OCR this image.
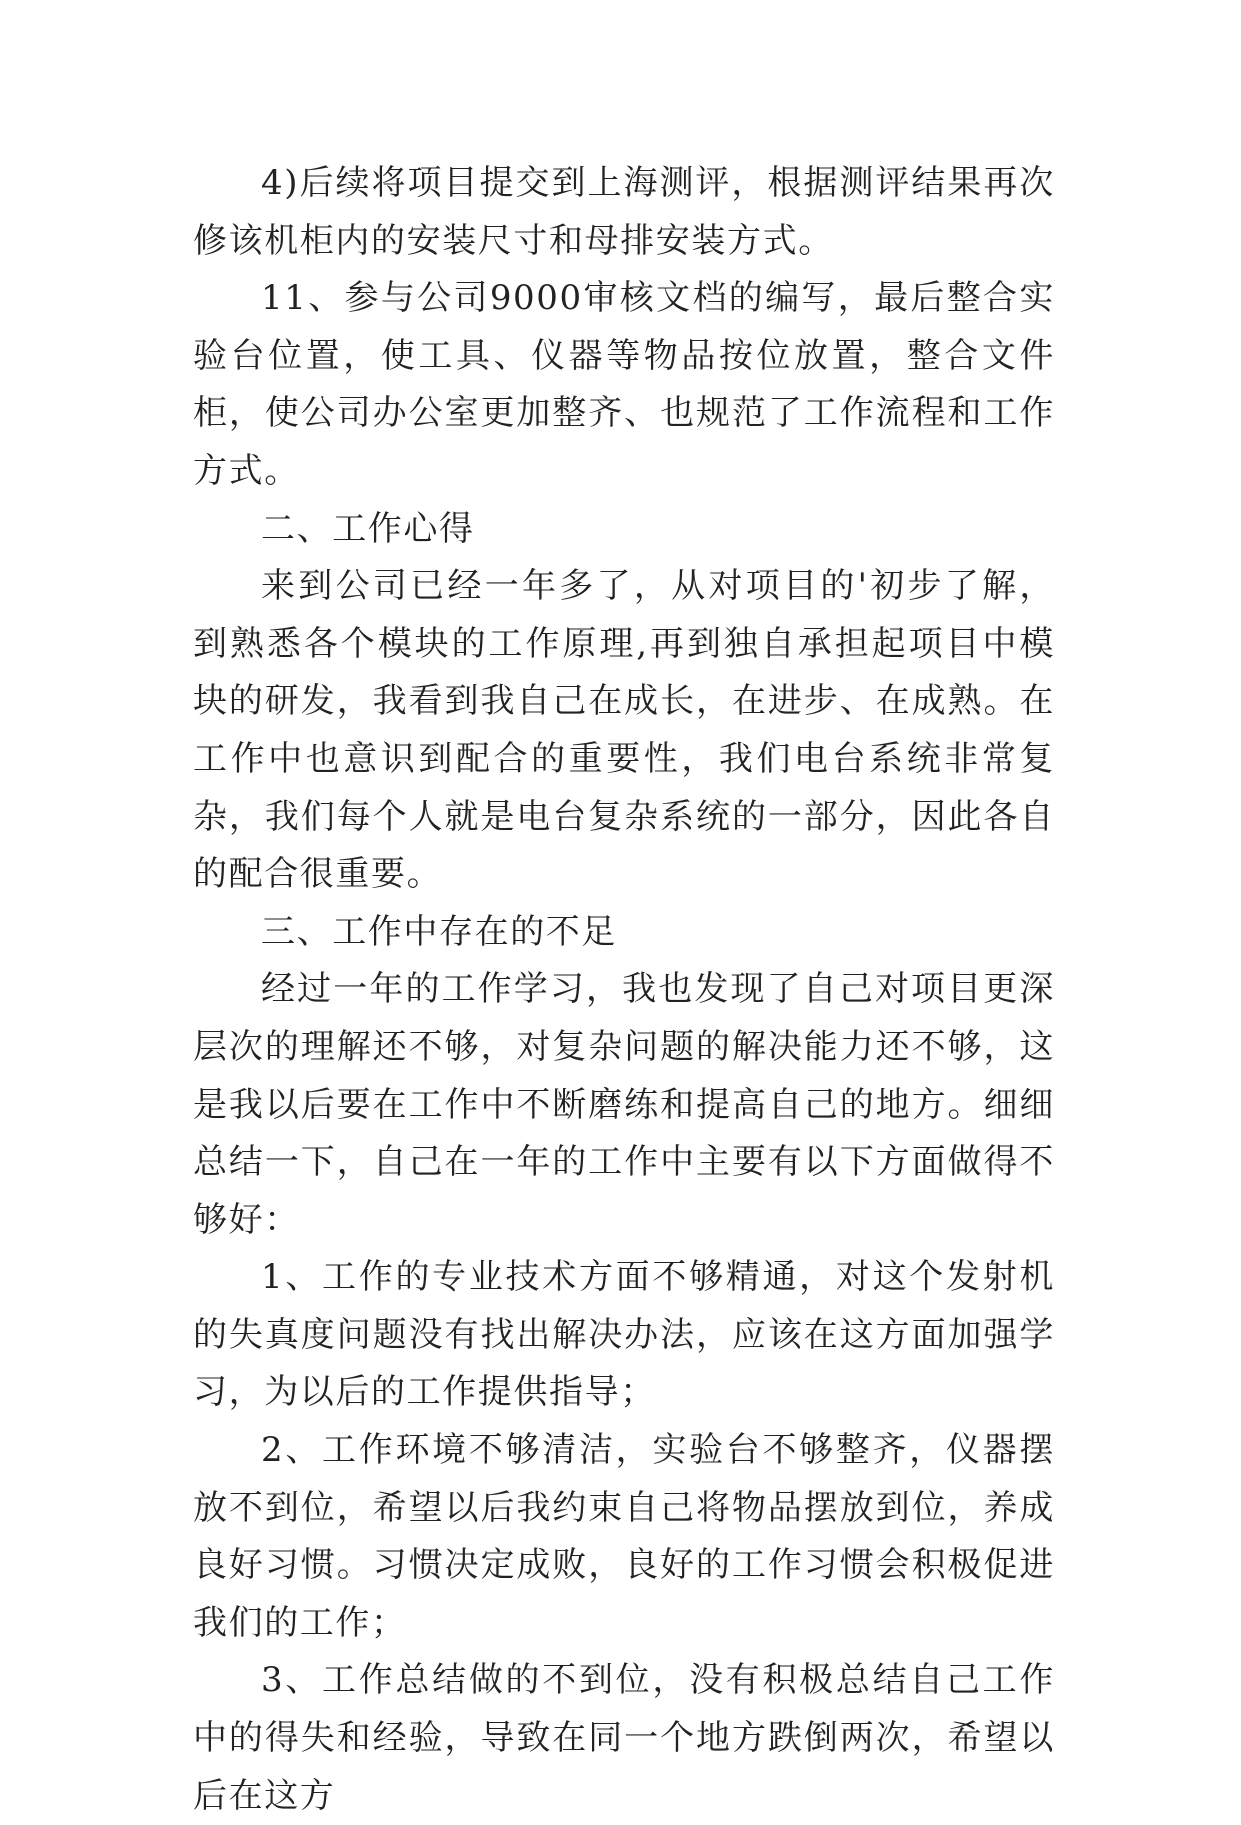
4)后续将项目提交到上海测评，根据测评结果再次修该机柜内的安装尺寸和母排安装方式。

11、参与公司9000审核文档的编写，最后整合实验台位置，使工具、仪器等物品按位放置，整合文件柜，使公司办公室更加整齐、也规范了工作流程和工作方式。

二、工作心得

来到公司已经一年多了，从对项目的'初步了解，到熟悉各个模块的工作原理,再到独自承担起项目中模块的研发，我看到我自己在成长，在进步、在成熟。在工作中也意识到配合的重要性，我们电台系统非常复杂，我们每个人就是电台复杂系统的一部分，因此各自的配合很重要。

三、工作中存在的不足

经过一年的工作学习，我也发现了自己对项目更深层次的理解还不够，对复杂问题的解决能力还不够，这是我以后要在工作中不断磨练和提高自己的地方。细细总结一下，自己在一年的工作中主要有以下方面做得不够好：

1、工作的专业技术方面不够精通，对这个发射机的失真度问题没有找出解决办法，应该在这方面加强学习，为以后的工作提供指导；

2、工作环境不够清洁，实验台不够整齐，仪器摆放不到位，希望以后我约束自己将物品摆放到位，养成良好习惯。习惯决定成败，良好的工作习惯会积极促进我们的工作；

3、工作总结做的不到位，没有积极总结自己工作中的得失和经验，导致在同一个地方跌倒两次，希望以后在这方
